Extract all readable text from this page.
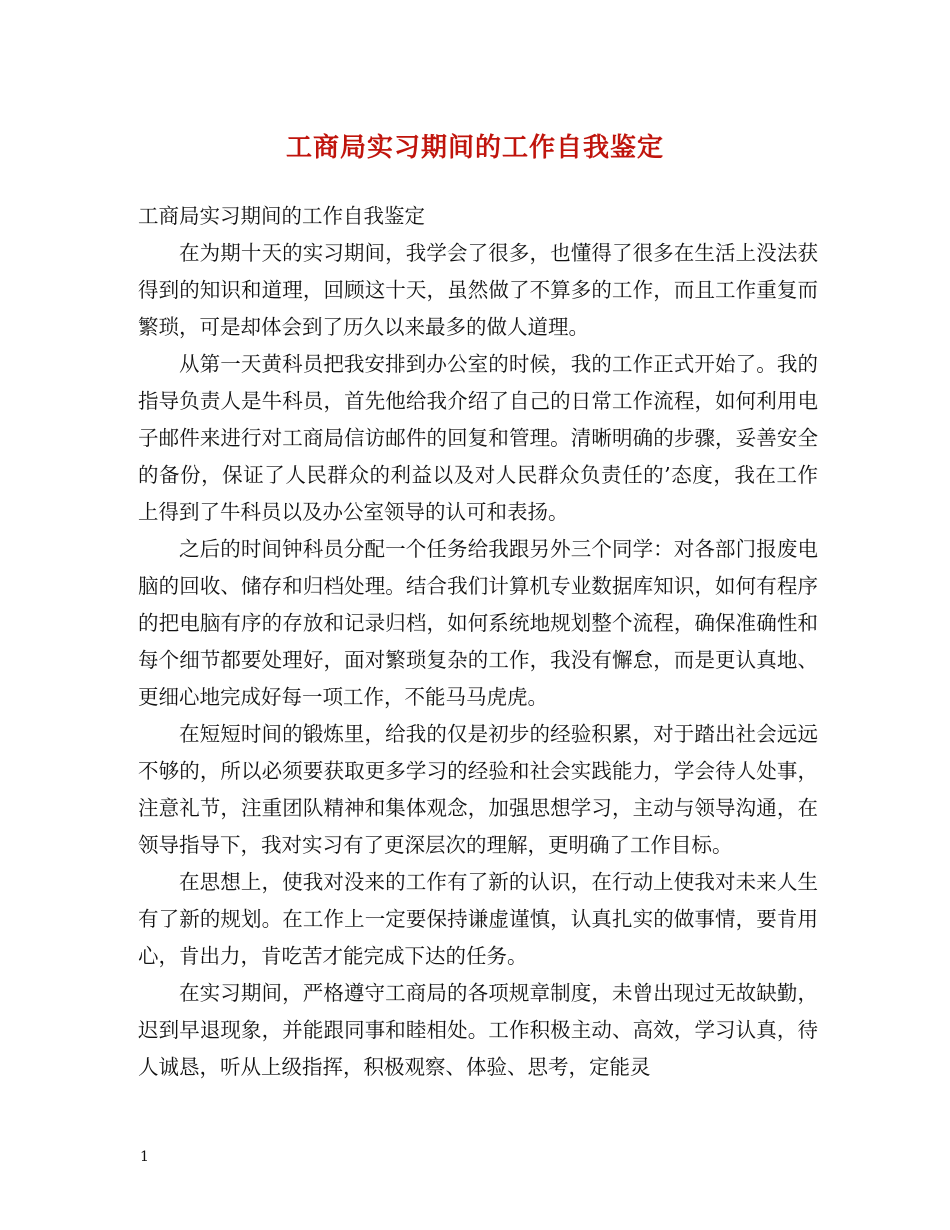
工商局实习期间的工作自我鉴定

工商局实习期间的工作自我鉴定

在为期十天的实习期间，我学会了很多，也懂得了很多在生活上没法获得到的知识和道理，回顾这十天，虽然做了不算多的工作，而且工作重复而繁琐，可是却体会到了历久以来最多的做人道理。

从第一天黄科员把我安排到办公室的时候，我的工作正式开始了。我的指导负责人是牛科员，首先他给我介绍了自己的日常工作流程，如何利用电子邮件来进行对工商局信访邮件的回复和管理。清晰明确的步骤，妥善安全的备份，保证了人民群众的利益以及对人民群众负责任的’态度，我在工作上得到了牛科员以及办公室领导的认可和表扬。

之后的时间钟科员分配一个任务给我跟另外三个同学：对各部门报废电脑的回收、储存和归档处理。结合我们计算机专业数据库知识，如何有程序的把电脑有序的存放和记录归档，如何系统地规划整个流程，确保准确性和每个细节都要处理好，面对繁琐复杂的工作，我没有懈怠，而是更认真地、更细心地完成好每一项工作，不能马马虎虎。

在短短时间的锻炼里，给我的仅是初步的经验积累，对于踏出社会远远不够的，所以必须要获取更多学习的经验和社会实践能力，学会待人处事，注意礼节，注重团队精神和集体观念，加强思想学习，主动与领导沟通，在领导指导下，我对实习有了更深层次的理解，更明确了工作目标。

在思想上，使我对没来的工作有了新的认识，在行动上使我对未来人生有了新的规划。在工作上一定要保持谦虚谨慎，认真扎实的做事情，要肯用心，肯出力，肯吃苦才能完成下达的任务。

在实习期间，严格遵守工商局的各项规章制度，未曾出现过无故缺勤，迟到早退现象，并能跟同事和睦相处。工作积极主动、高效，学习认真，待人诚恳，听从上级指挥，积极观察、体验、思考，定能灵

1
